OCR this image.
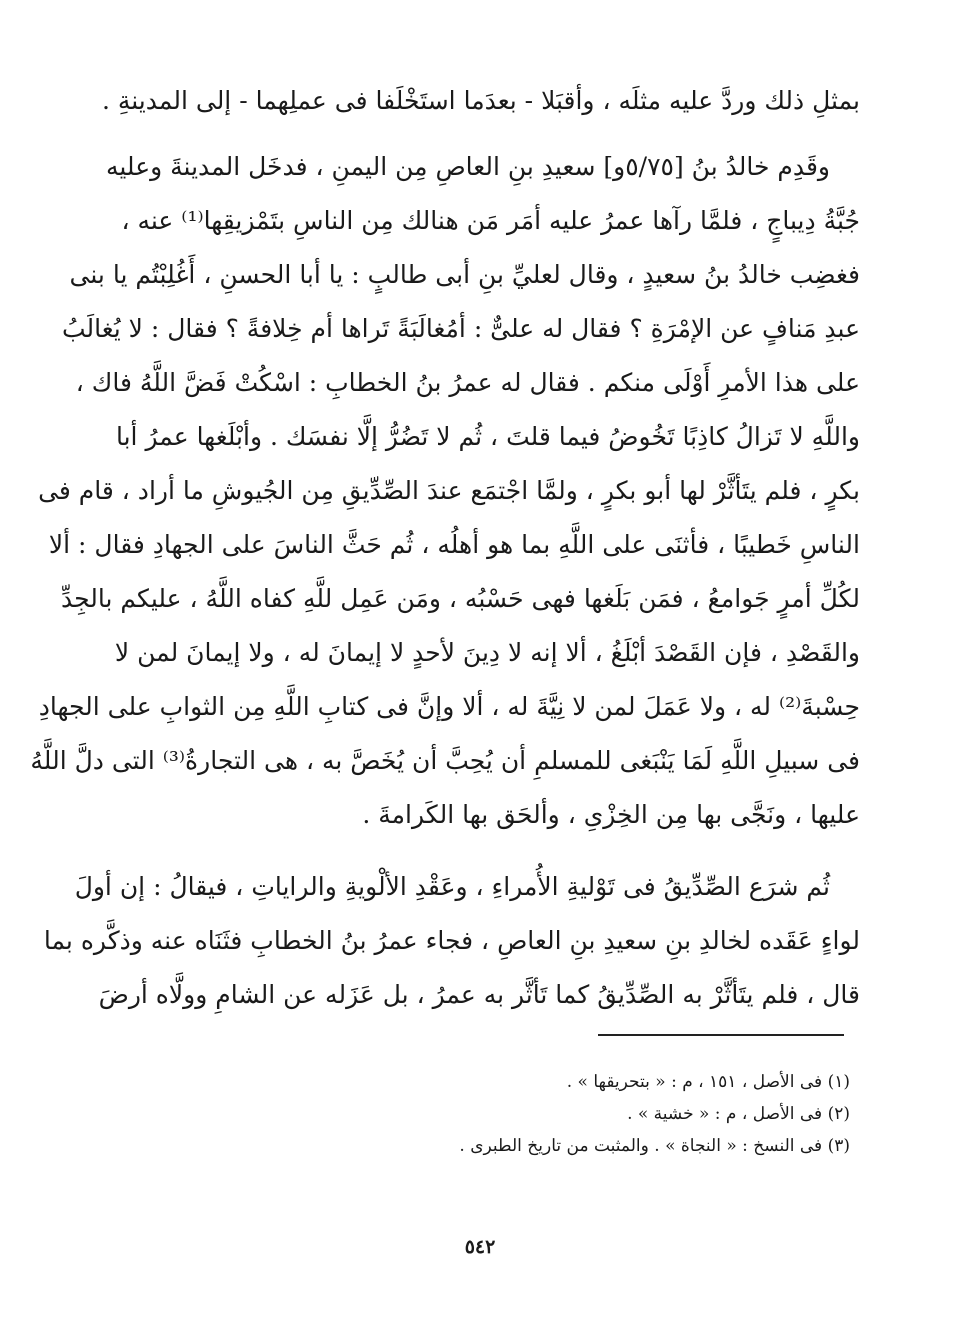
بمثلِ ذلك وردَّ عليه مثلَه ، وأقبَلا - بعدَما استَخْلَفا فى عملِهما - إلى المدينةِ .
وقَدِم خالدُ بنُ [٥/٧٥و] سعيدِ بنِ العاصِ مِن اليمنِ ، فدخَل المدينةَ وعليه
جُبَّةُ دِيباجٍ ، فلمَّا رآها عمرُ عليه أمَر مَن هنالك مِن الناسِ بتَمْزيقِها⁽¹⁾ عنه ،
فغضِب خالدُ بنُ سعيدٍ ، وقال لعليِّ بنِ أبى طالبٍ : يا أبا الحسنِ ، أَغُلِبْتُم يا بنى
عبدِ مَنافٍ عن الإمْرَةِ ؟ فقال له علىٌّ : أمُغالَبَةً تَراها أم خِلافةً ؟ فقال : لا يُغالَبُ
على هذا الأمرِ أَوْلَى منكم . فقال له عمرُ بنُ الخطابِ : اسْكُتْ فَضَّ اللَّهُ فاك ،
واللَّهِ لا تَزالُ كاذِبًا تَخُوضُ فيما قلتَ ، ثُم لا تَضُرُّ إلَّا نفسَك . وأبْلَغها عمرُ أبا
بكرٍ ، فلم يتَأثَّرْ لها أبو بكرٍ ، ولمَّا اجْتمَع عندَ الصِّدِّيقِ مِن الجُيوشِ ما أراد ، قام فى
الناسِ خَطيبًا ، فأثنَى على اللَّهِ بما هو أهلُه ، ثُم حَثَّ الناسَ على الجهادِ فقال : ألا
لكُلِّ أمرٍ جَوامعُ ، فمَن بَلَغها فهى حَسْبُه ، ومَن عَمِل للَّهِ كفاه اللَّهُ ، عليكم بالجِدِّ
والقَصْدِ ، فإن القَصْدَ أبْلَغُ ، ألا إنه لا دِينَ لأحدٍ لا إيمانَ له ، ولا إيمانَ لمن لا
حِسْبةَ⁽²⁾ له ، ولا عَمَلَ لمن لا نِيَّةَ له ، ألا وإنَّ فى كتابِ اللَّهِ مِن الثوابِ على الجهادِ
فى سبيلِ اللَّهِ لَمَا يَنْبَغى للمسلمِ أن يُحِبَّ أن يُخَصَّ به ، هى التجارةُ⁽³⁾ التى دلَّ اللَّهُ
عليها ، ونَجَّى بها مِن الخِزْىِ ، وألحَق بها الكَرامةَ .
ثُم شرَع الصِّدِّيقُ فى تَوْليةِ الأُمراءِ ، وعَقْدِ الألْويةِ والراياتِ ، فيقالُ : إن أولَ
لواءٍ عَقَده لخالدِ بنِ سعيدِ بنِ العاصِ ، فجاء عمرُ بنُ الخطابِ فثَنَاه عنه وذكَّره بما
قال ، فلم يتَأثَّرْ به الصِّدِّيقُ كما تَأثَّر به عمرُ ، بل عَزَله عن الشامِ وولَّاه أرضَ
(١) فى الأصل ، ١٥١ ، م : « بتحريقها » .
(٢) فى الأصل ، م : « خشية » .
(٣) فى النسخ : « النجاة » . والمثبت من تاريخ الطبرى .
٥٤٢
